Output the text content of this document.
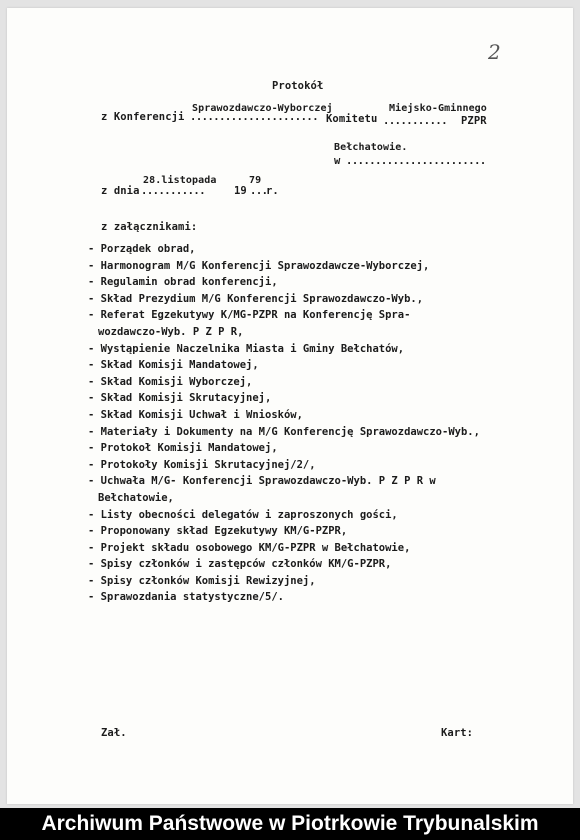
2
Protokół
z Konferencji
Sprawozdawczo-Wyborczej
...................... Komitetu
Miejsko-Gminnego
........... PZPR
Bełchatowie.
w ........................
z dnia
28.listopada
...........	19 ...
79
r.
z załącznikami:
- Porządek obrad,
- Harmonogram M/G Konferencji Sprawozdawcze-Wyborczej,
- Regulamin obrad konferencji,
- Skład Prezydium M/G Konferencji Sprawozdawczo-Wyb.,
- Referat Egzekutywy K/MG-PZPR na Konferencję Spra-
wozdawczo-Wyb. P Z P R,
- Wystąpienie Naczelnika Miasta i Gminy Bełchatów,
- Skład Komisji Mandatowej,
- Skład Komisji Wyborczej,
- Skład Komisji Skrutacyjnej,
- Skład Komisji Uchwał i Wniosków,
- Materiały i Dokumenty na M/G Konferencję Sprawozdawczo-Wyb.,
- Protokoł Komisji Mandatowej,
- Protokoły Komisji Skrutacyjnej/2/,
- Uchwała M/G- Konferencji Sprawozdawczo-Wyb. P Z P R w
Bełchatowie,
- Listy obecności delegatów i zaproszonych gości,
- Proponowany skład Egzekutywy KM/G-PZPR,
- Projekt składu osobowego KM/G-PZPR w Bełchatowie,
- Spisy członków i zastępców członków KM/G-PZPR,
- Spisy członków Komisji Rewizyjnej,
- Sprawozdania statystyczne/5/.
Zał.	Kart:
Archiwum Państwowe w Piotrkowie Trybunalskim
